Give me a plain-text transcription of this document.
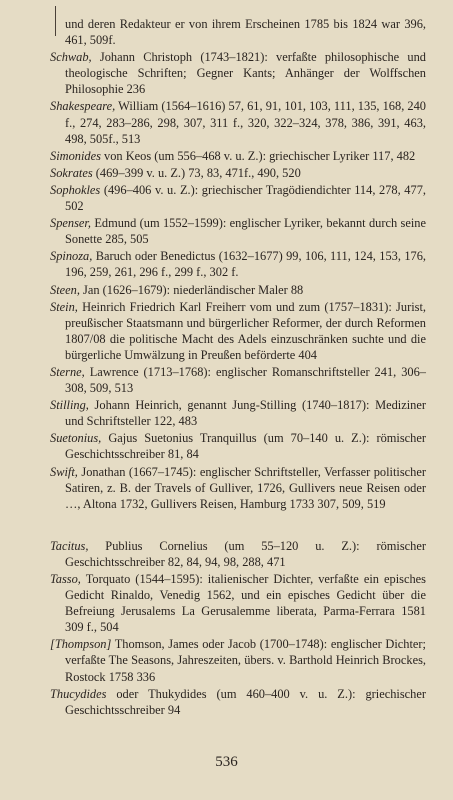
und deren Redakteur er von ihrem Erscheinen 1785 bis 1824 war 396, 461, 509f.

Schwab, Johann Christoph (1743–1821): verfaßte philosophische und theologische Schriften; Gegner Kants; Anhänger der Wolffschen Philosophie 236

Shakespeare, William (1564–1616) 57, 61, 91, 101, 103, 111, 135, 168, 240 f., 274, 283–286, 298, 307, 311 f., 320, 322–324, 378, 386, 391, 463, 498, 505f., 513

Simonides von Keos (um 556–468 v. u. Z.): griechischer Lyriker 117, 482

Sokrates (469–399 v. u. Z.) 73, 83, 471f., 490, 520

Sophokles (496–406 v. u. Z.): griechischer Tragödiendichter 114, 278, 477, 502

Spenser, Edmund (um 1552–1599): englischer Lyriker, bekannt durch seine Sonette 285, 505

Spinoza, Baruch oder Benedictus (1632–1677) 99, 106, 111, 124, 153, 176, 196, 259, 261, 296 f., 299 f., 302 f.

Steen, Jan (1626–1679): niederländischer Maler 88

Stein, Heinrich Friedrich Karl Freiherr vom und zum (1757–1831): Jurist, preußischer Staatsmann und bürgerlicher Reformer, der durch Reformen 1807/08 die politische Macht des Adels einzuschränken suchte und die bürgerliche Umwälzung in Preußen beförderte 404

Sterne, Lawrence (1713–1768): englischer Romanschriftsteller 241, 306–308, 509, 513

Stilling, Johann Heinrich, genannt Jung-Stilling (1740–1817): Mediziner und Schriftsteller 122, 483

Suetonius, Gajus Suetonius Tranquillus (um 70–140 u. Z.): römischer Geschichtsschreiber 81, 84

Swift, Jonathan (1667–1745): englischer Schriftsteller, Verfasser politischer Satiren, z. B. der Travels of Gulliver, 1726, Gullivers neue Reisen oder …, Altona 1732, Gullivers Reisen, Hamburg 1733 307, 509, 519

Tacitus, Publius Cornelius (um 55–120 u. Z.): römischer Geschichtsschreiber 82, 84, 94, 98, 288, 471

Tasso, Torquato (1544–1595): italienischer Dichter, verfaßte ein episches Gedicht Rinaldo, Venedig 1562, und ein episches Gedicht über die Befreiung Jerusalems La Gerusalemme liberata, Parma-Ferrara 1581 309 f., 504

[Thompson] Thomson, James oder Jacob (1700–1748): englischer Dichter; verfaßte The Seasons, Jahreszeiten, übers. v. Barthold Heinrich Brockes, Rostock 1758 336

Thucydides oder Thukydides (um 460–400 v. u. Z.): griechischer Geschichtsschreiber 94

536
